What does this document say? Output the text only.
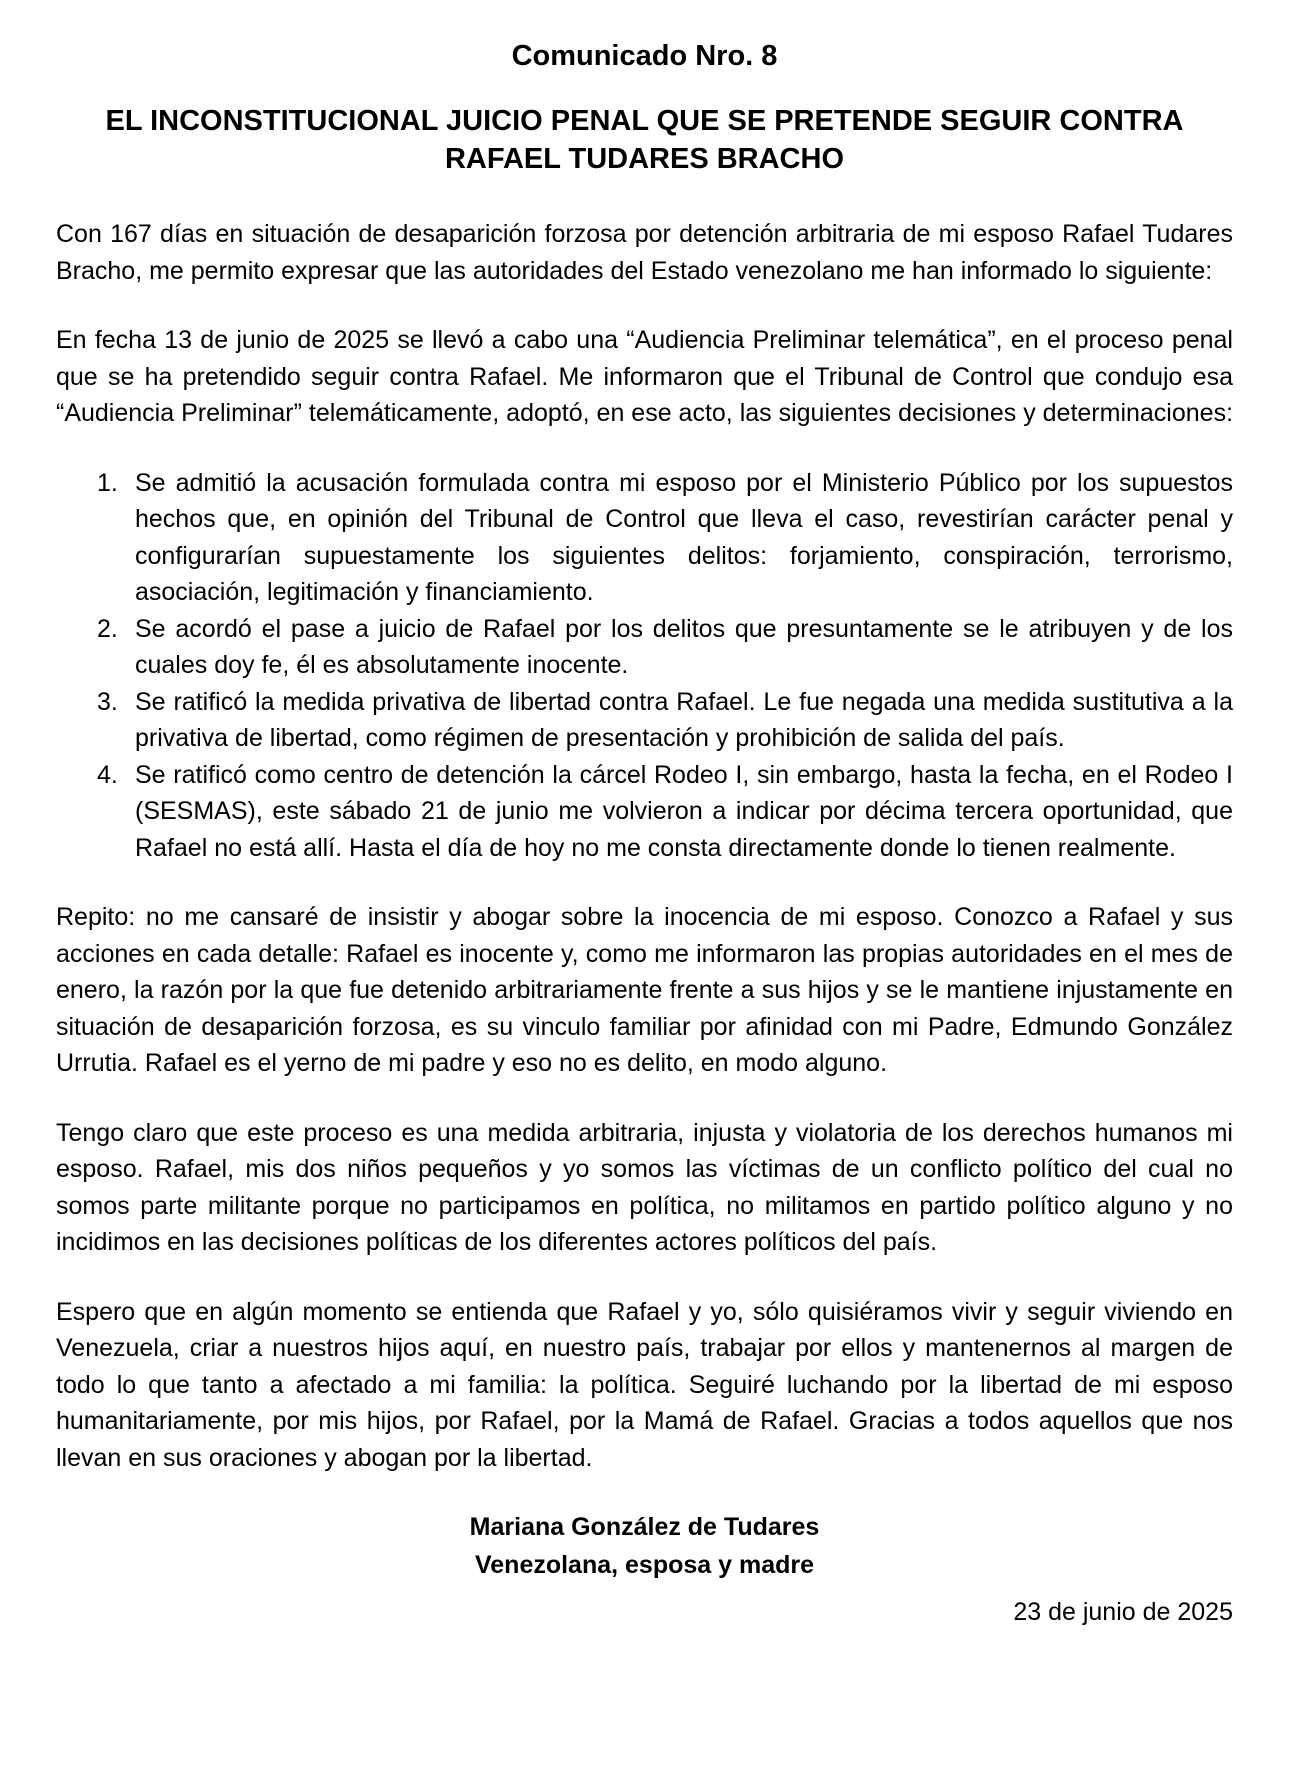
Comunicado Nro. 8
EL INCONSTITUCIONAL JUICIO PENAL QUE SE PRETENDE SEGUIR CONTRA
RAFAEL TUDARES BRACHO

Con 167 días en situación de desaparición forzosa por detención arbitraria de mi esposo Rafael Tudares Bracho, me permito expresar que las autoridades del Estado venezolano me han informado lo siguiente:

En fecha 13 de junio de 2025 se llevó a cabo una “Audiencia Preliminar telemática”, en el proceso penal que se ha pretendido seguir contra Rafael. Me informaron que el Tribunal de Control que condujo esa “Audiencia Preliminar” telemáticamente, adoptó, en ese acto, las siguientes decisiones y determinaciones:

1. Se admitió la acusación formulada contra mi esposo por el Ministerio Público por los supuestos hechos que, en opinión del Tribunal de Control que lleva el caso, revestirían carácter penal y configurarían supuestamente los siguientes delitos: forjamiento, conspiración, terrorismo, asociación, legitimación y financiamiento.
2. Se acordó el pase a juicio de Rafael por los delitos que presuntamente se le atribuyen y de los cuales doy fe, él es absolutamente inocente.
3. Se ratificó la medida privativa de libertad contra Rafael. Le fue negada una medida sustitutiva a la privativa de libertad, como régimen de presentación y prohibición de salida del país.
4. Se ratificó como centro de detención la cárcel Rodeo I, sin embargo, hasta la fecha, en el Rodeo I (SESMAS), este sábado 21 de junio me volvieron a indicar por décima tercera oportunidad, que Rafael no está allí. Hasta el día de hoy no me consta directamente donde lo tienen realmente.

Repito: no me cansaré de insistir y abogar sobre la inocencia de mi esposo. Conozco a Rafael y sus acciones en cada detalle: Rafael es inocente y, como me informaron las propias autoridades en el mes de enero, la razón por la que fue detenido arbitrariamente frente a sus hijos y se le mantiene injustamente en situación de desaparición forzosa, es su vinculo familiar por afinidad con mi Padre, Edmundo González Urrutia. Rafael es el yerno de mi padre y eso no es delito, en modo alguno.

Tengo claro que este proceso es una medida arbitraria, injusta y violatoria de los derechos humanos mi esposo. Rafael, mis dos niños pequeños y yo somos las víctimas de un conflicto político del cual no somos parte militante porque no participamos en política, no militamos en partido político alguno y no incidimos en las decisiones políticas de los diferentes actores políticos del país.

Espero que en algún momento se entienda que Rafael y yo, sólo quisiéramos vivir y seguir viviendo en Venezuela, criar a nuestros hijos aquí, en nuestro país, trabajar por ellos y mantenernos al margen de todo lo que tanto a afectado a mi familia: la política. Seguiré luchando por la libertad de mi esposo humanitariamente, por mis hijos, por Rafael, por la Mamá de Rafael. Gracias a todos aquellos que nos llevan en sus oraciones y abogan por la libertad.

Mariana González de Tudares
Venezolana, esposa y madre
23 de junio de 2025
